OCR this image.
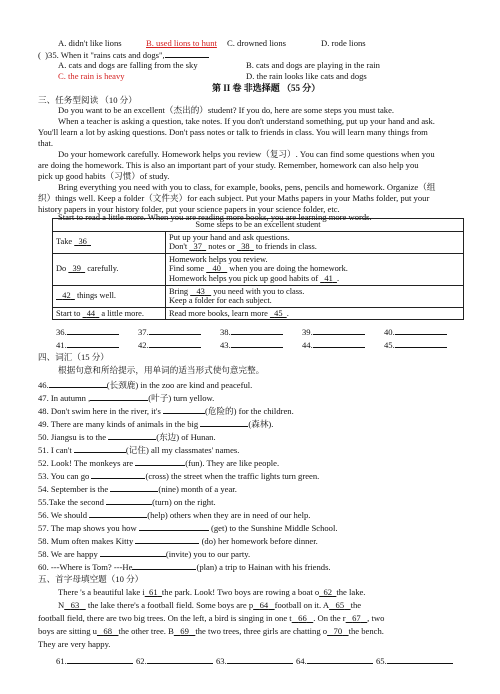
A. didn't like lions	B. used lions to hunt C. drowned lions	D. rode lions
(  )35. When it "rains cats and dogs",
A. cats and dogs are falling from the sky	B. cats and dogs are playing in the rain
C. the rain is heavy	D. the rain looks like cats and dogs
第 II 卷 非选择题 （55 分）
三、任务型阅读 （10 分）
Do you want to be an excellent（杰出的）student? If you do, here are some steps you must take.
When a teacher is asking a question, take notes. If you don't understand something, put up your hand and ask.
You'll learn a lot by asking questions. Don't pass notes or talk to friends in class. You will learn many things from
that.
Do your homework carefully. Homework helps you review（复习）. You can find some questions when you
are doing the homework. This is also an important part of your study. Remember, homework can also help you
pick up good habits（习惯）of study.
Bring everything you need with you to class, for example, books, pens, pencils and homework. Organize（组
织）things well. Keep a folder（文件夹）for each subject. Put your Maths papers in your Maths folder, put your
history papers in your history folder, put your science papers in your science folder, etc.
Start to read a little more. When you are reading more books, you are learning more words.
Some steps to be an excellent student	
Take 36	Put up your hand and ask questions.
Don't 37 notes or 38 to friends in class.
Do 39 carefully.	Homework helps you review.
Find some 40 when you are doing the homework.
Homework helps you pick up good habits of 41 .
42 things well.	Bring 43 you need with you to class.
Keep a folder for each subject.
Start to 44 a little more.	Read more books, learn more 45 .
36.	37.	38.	39.	40.
41.	42.	43.	44.	45.
四、词汇（15 分）
根据句意和所给提示，用单词的适当形式使句意完整。
46.	(长颈鹿) in the zoo are kind and peaceful.
47. In autumn ,	(叶子) turn yellow.
48. Don't swim here in the river, it's	(危险的) for the children.
49. There are many kinds of animals in the big	(森林).
50. Jiangsu is to the	(东边) of Hunan.
51. I can't	(记住) all my classmates' names.
52. Look! The monkeys are	(fun). They are like people.
53. You can go	(cross) the street when the traffic lights turn green.
54. September is the	(nine) month of a year.
55.Take the second	(turn) on the right.
56. We should	(help) others when they are in need of our help.
57. The map shows you how	(get) to the Sunshine Middle School.
58. Mum often makes Kitty	(do) her homework before dinner.
58. We are happy	(invite) you to our party.
60. ---Where is Tom? ---He	(plan) a trip to Hainan with his friends.
五、首字母填空题（10 分）
There 's a beautiful lake i 61 the park. Look! Two boys are rowing a boat o 62 the lake.
N 63 the lake there's a football field. Some boys are p 64 football on it. A 65 the
football field, there are two big trees. On the left, a bird is singing in one t 66 . On the r 67 , two
boys are sitting u 68 the other tree. B 69 the two trees, three girls are chatting o 70 the bench.
They are very happy.
61.	62.	63.	64.	65.
